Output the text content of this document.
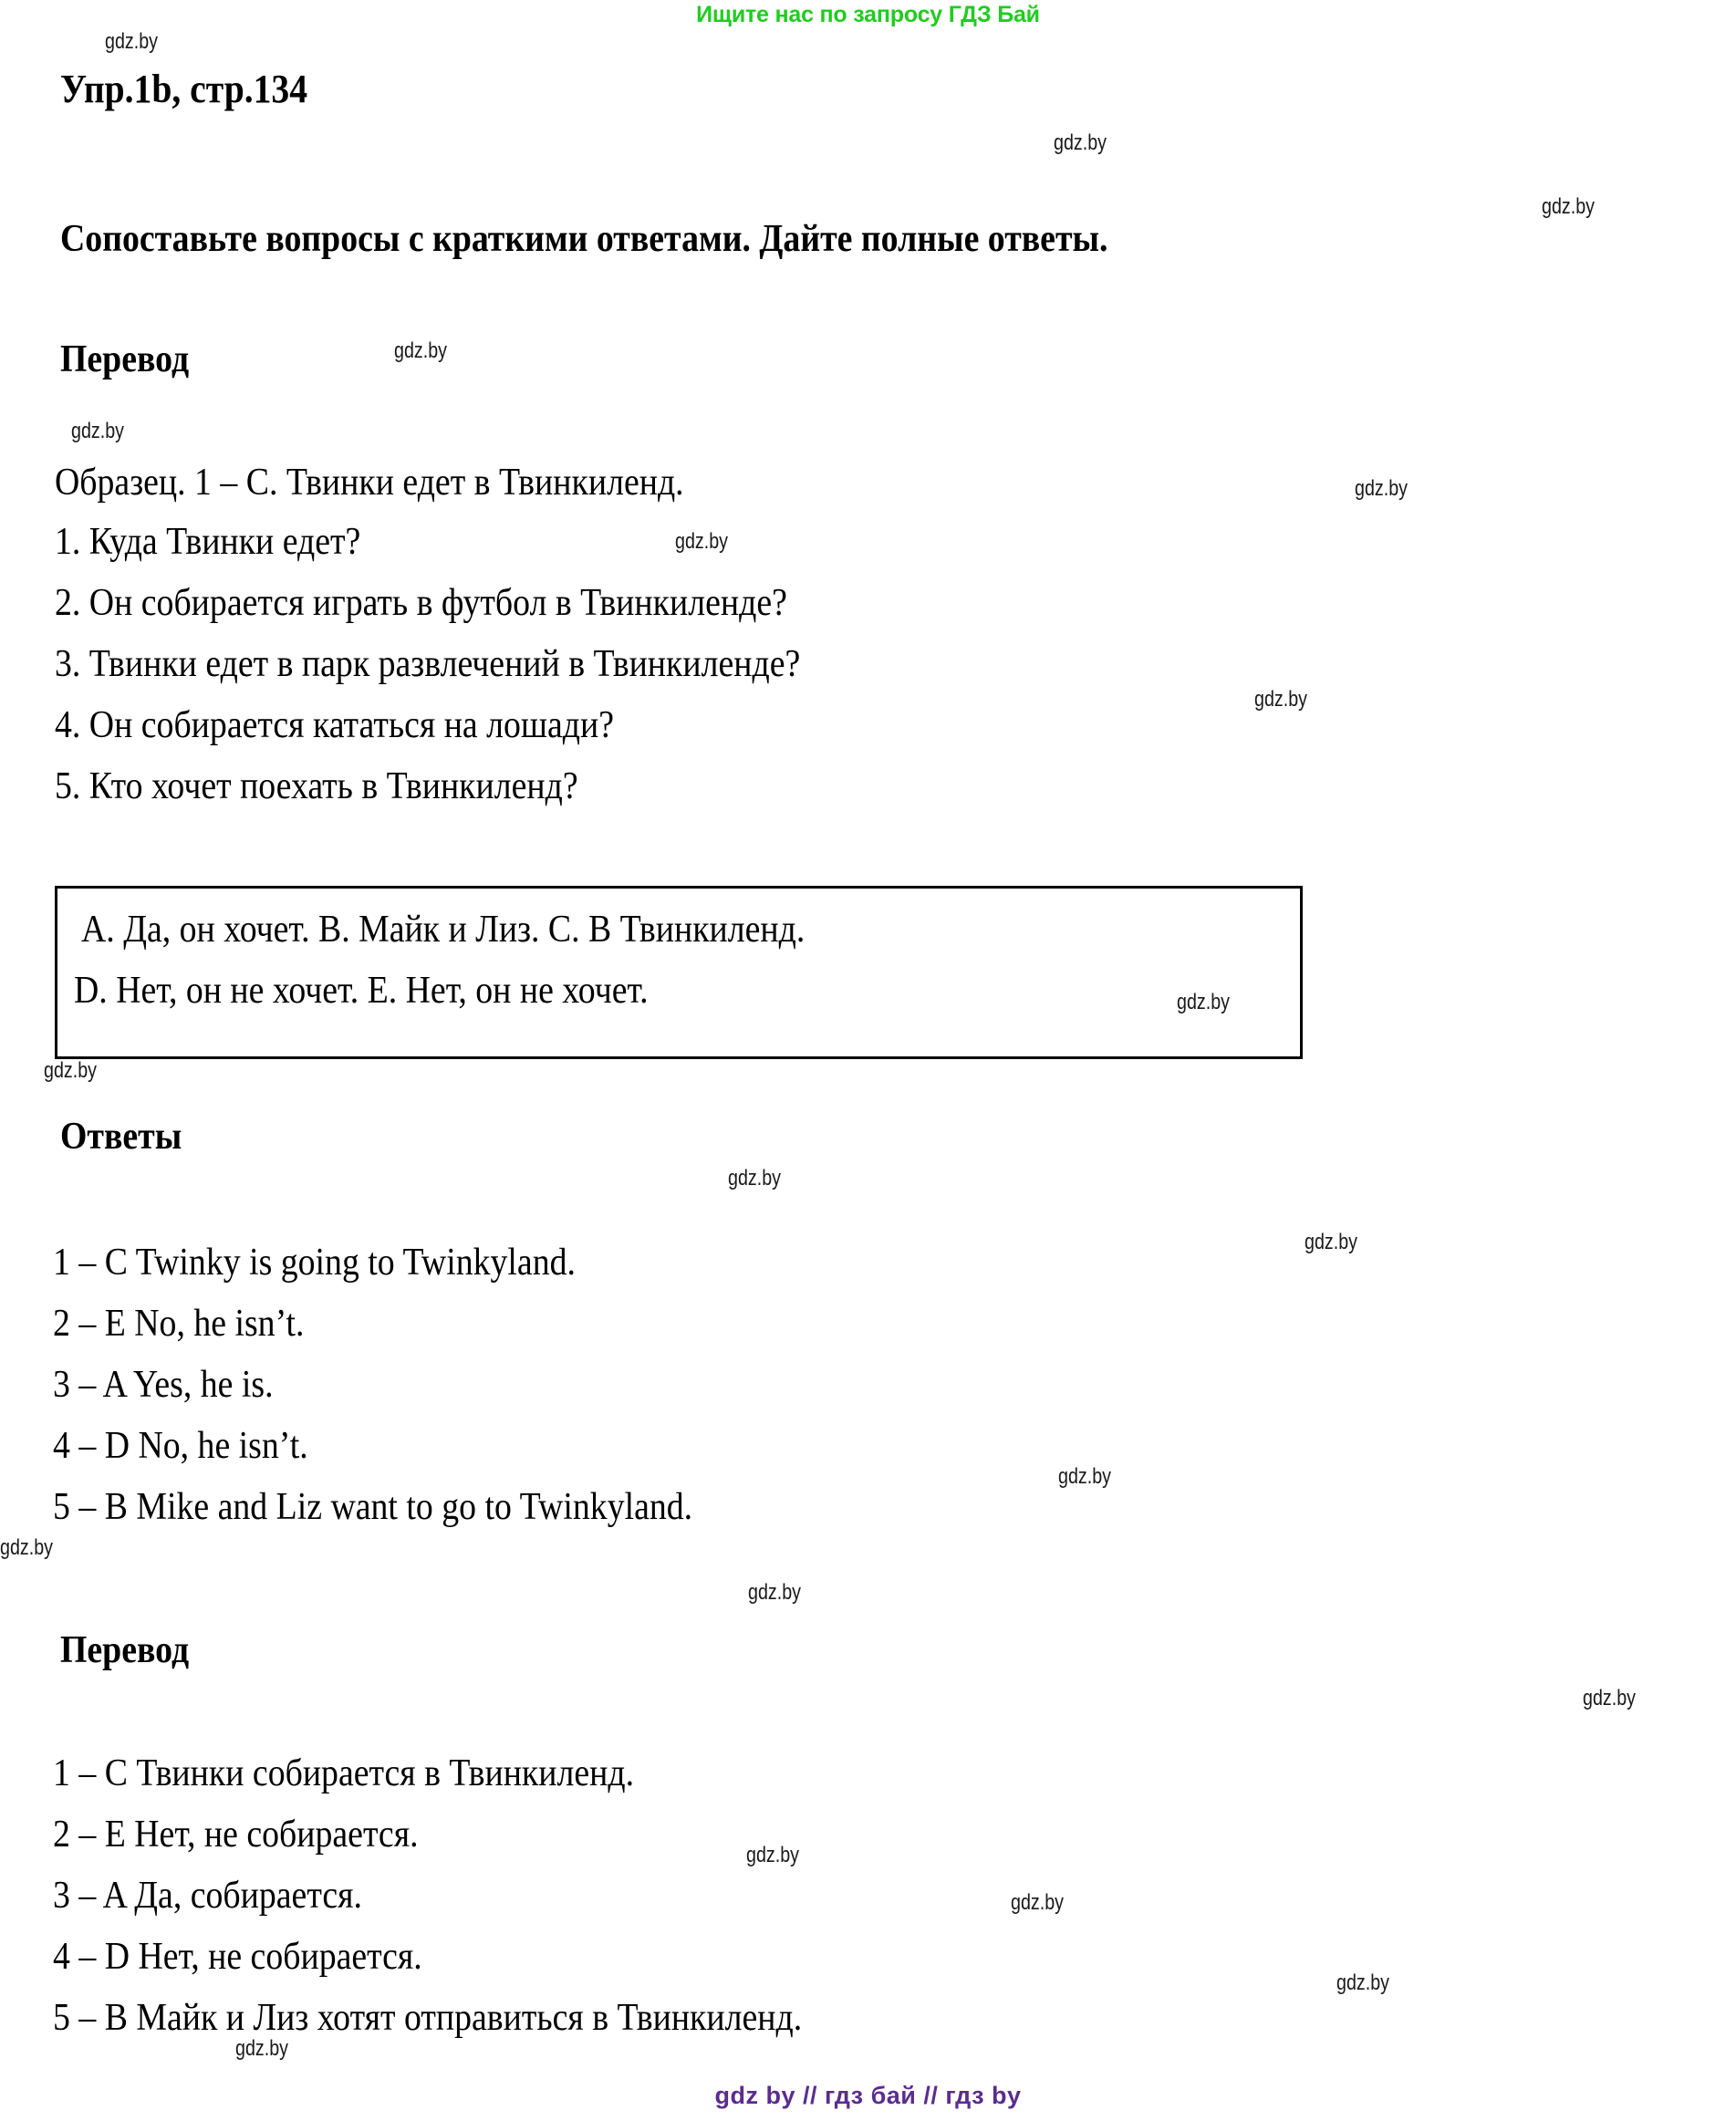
Ищите нас по запросу ГДЗ Бай
gdz.by
gdz.by
gdz.by
gdz.by
gdz.by
gdz.by
gdz.by
gdz.by
gdz.by
gdz.by
gdz.by
gdz.by
gdz.by
gdz.by
gdz.by
gdz.by
gdz.by
gdz.by
gdz.by
gdz.by
Упр.1b, стр.134
Сопоставьте вопросы с краткими ответами. Дайте полные ответы.
Перевод
Образец. 1 – C. Твинки едет в Твинкиленд.
1. Куда Твинки едет?
2. Он собирается играть в футбол в Твинкиленде?
3. Твинки едет в парк развлечений в Твинкиленде?
4. Он собирается кататься на лошади?
5. Кто хочет поехать в Твинкиленд?
A. Да, он хочет. B. Майк и Лиз. C. В Твинкиленд.
D. Нет, он не хочет. E. Нет, он не хочет.
Ответы
1 – C Twinky is going to Twinkyland.
2 – E No, he isn’t.
3 – A Yes, he is.
4 – D No, he isn’t.
5 – B Mike and Liz want to go to Twinkyland.
Перевод
1 – C Твинки собирается в Твинкиленд.
2 – E Нет, не собирается.
3 – A Да, собирается.
4 – D Нет, не собирается.
5 – B Майк и Лиз хотят отправиться в Твинкиленд.
gdz by // гдз бай // гдз by
